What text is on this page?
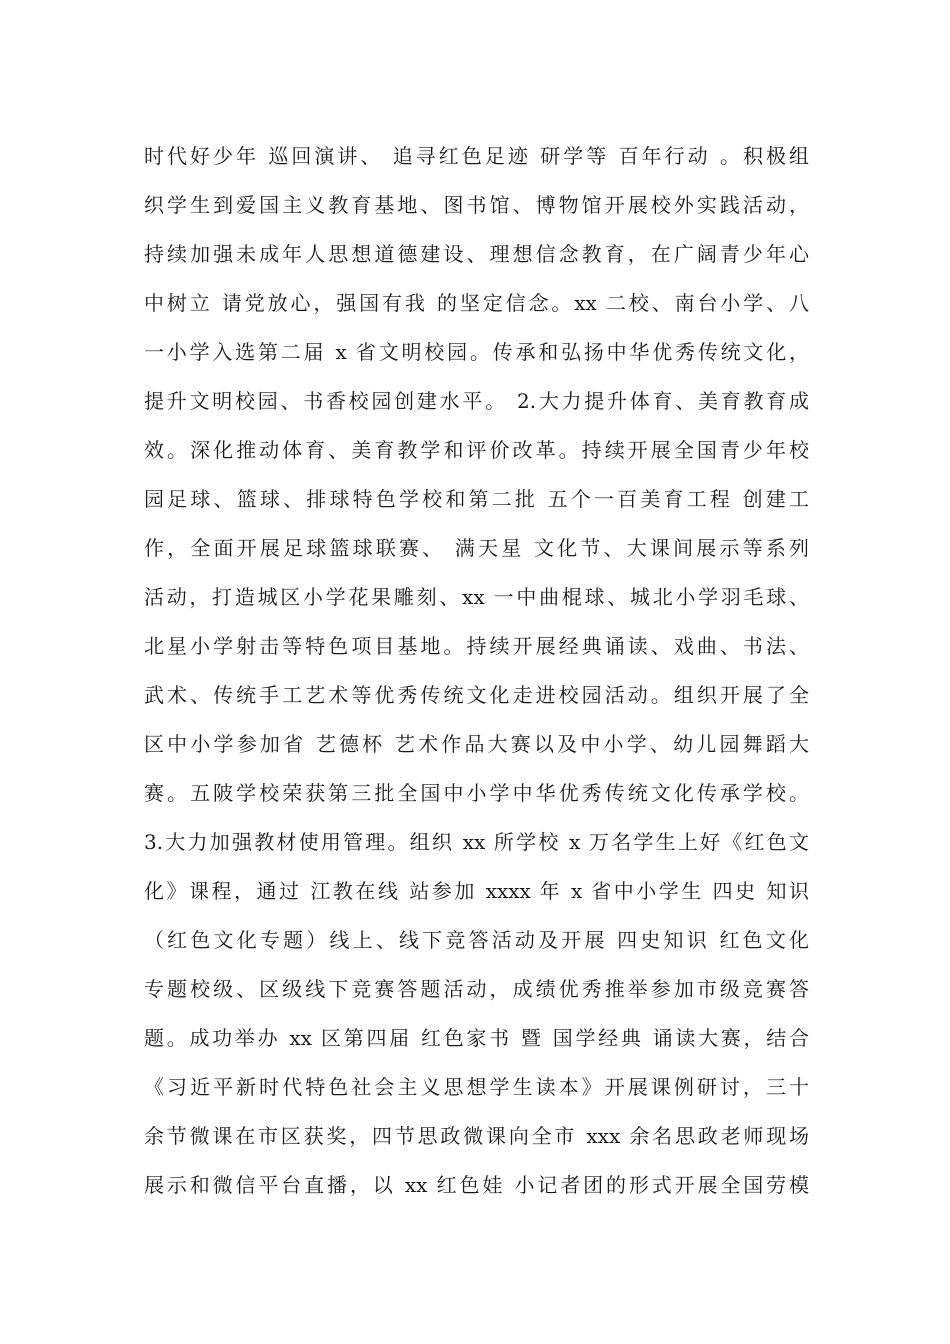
时代好少年 巡回演讲、 追寻红色足迹 研学等 百年行动 。积极组
织学生到爱国主义教育基地、图书馆、博物馆开展校外实践活动，
持续加强未成年人思想道德建设、理想信念教育，在广阔青少年心
中树立 请党放心，强国有我 的坚定信念。xx 二校、南台小学、八
一小学入选第二届 x 省文明校园。传承和弘扬中华优秀传统文化，
提升文明校园、书香校园创建水平。 2.大力提升体育、美育教育成
效。深化推动体育、美育教学和评价改革。持续开展全国青少年校
园足球、篮球、排球特色学校和第二批 五个一百美育工程 创建工
作，全面开展足球篮球联赛、 满天星 文化节、大课间展示等系列
活动，打造城区小学花果雕刻、xx 一中曲棍球、城北小学羽毛球、
北星小学射击等特色项目基地。持续开展经典诵读、戏曲、书法、
武术、传统手工艺术等优秀传统文化走进校园活动。组织开展了全
区中小学参加省 艺德杯 艺术作品大赛以及中小学、幼儿园舞蹈大
赛。五陂学校荣获第三批全国中小学中华优秀传统文化传承学校。
3.大力加强教材使用管理。组织 xx 所学校 x 万名学生上好《红色文
化》课程，通过 江教在线 站参加 xxxx 年 x 省中小学生 四史 知识
（红色文化专题）线上、线下竞答活动及开展 四史知识 红色文化
专题校级、区级线下竞赛答题活动，成绩优秀推举参加市级竞赛答
题。成功举办 xx 区第四届 红色家书 暨 国学经典 诵读大赛，结合
《习近平新时代特色社会主义思想学生读本》开展课例研讨，三十
余节微课在市区获奖，四节思政微课向全市 xxx 余名思政老师现场
展示和微信平台直播，以 xx 红色娃 小记者团的形式开展全国劳模
